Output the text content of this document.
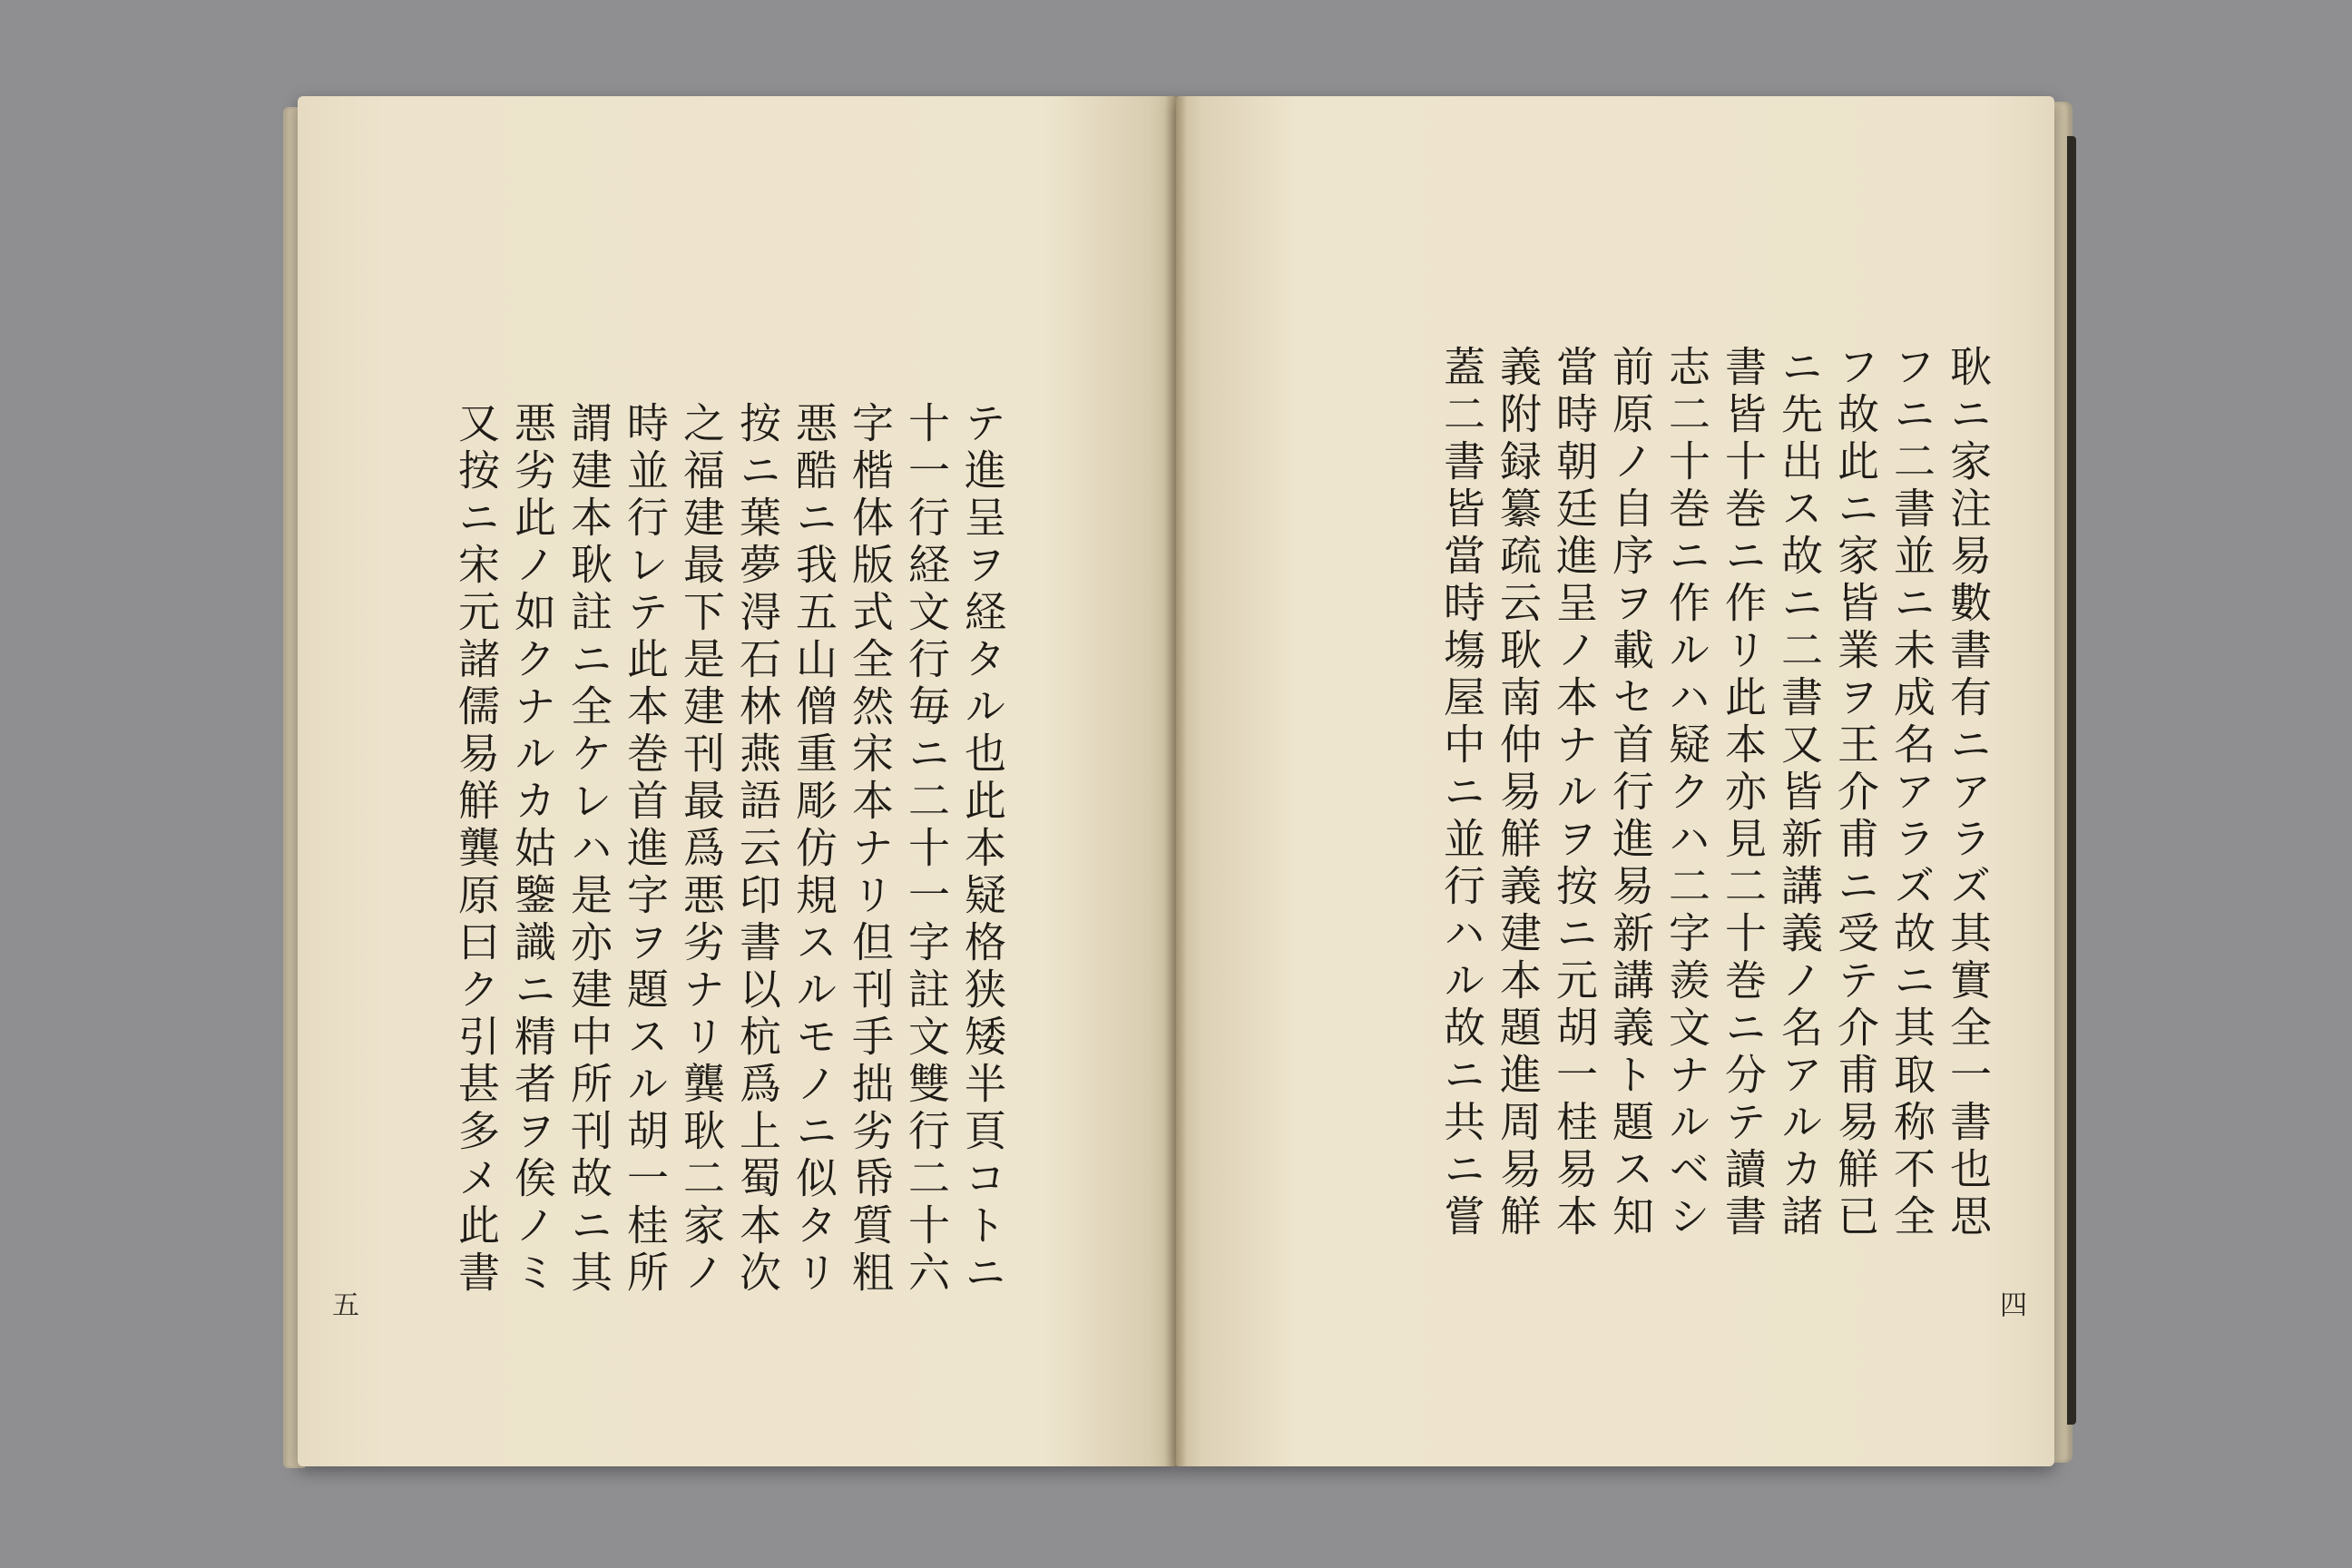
テ進呈ヲ経タル也此本疑格狭矮半頁コトニ
十一行経文行毎ニ二十一字註文雙行二十六
字楷体版式全然宋本ナリ但刊手拙劣帋質粗
悪酷ニ我五山僧重彫仿規スルモノニ似タリ
按ニ葉夢淂石林燕語云印書以杭爲上蜀本次
之福建最下是建刊最爲悪劣ナリ龔耿二家ノ
時並行レテ此本巻首進字ヲ題スル胡一桂所
謂建本耿註ニ全ケレハ是亦建中所刊故ニ其
悪劣此ノ如クナルカ姑鑒識ニ精者ヲ俟ノミ
又按ニ宋元諸儒易觧龔原曰ク引甚多メ此書
五
耿ニ家注易數書有ニアラズ其實全一書也思
フニ二書並ニ未成名アラズ故ニ其取称不全
フ故此ニ家皆業ヲ王介甫ニ受テ介甫易觧已
ニ先出ス故ニ二書又皆新講義ノ名アルカ諸
書皆十巻ニ作リ此本亦見二十巻ニ分テ讀書
志二十巻ニ作ルハ疑クハ二字羨文ナルベシ
前原ノ自序ヲ載セ首行進易新講義ト題ス知
當時朝廷進呈ノ本ナルヲ按ニ元胡一桂易本
義附録纂疏云耿南仲易觧義建本題進周易觧
蓋二書皆當時塲屋中ニ並行ハル故ニ共ニ嘗
四
